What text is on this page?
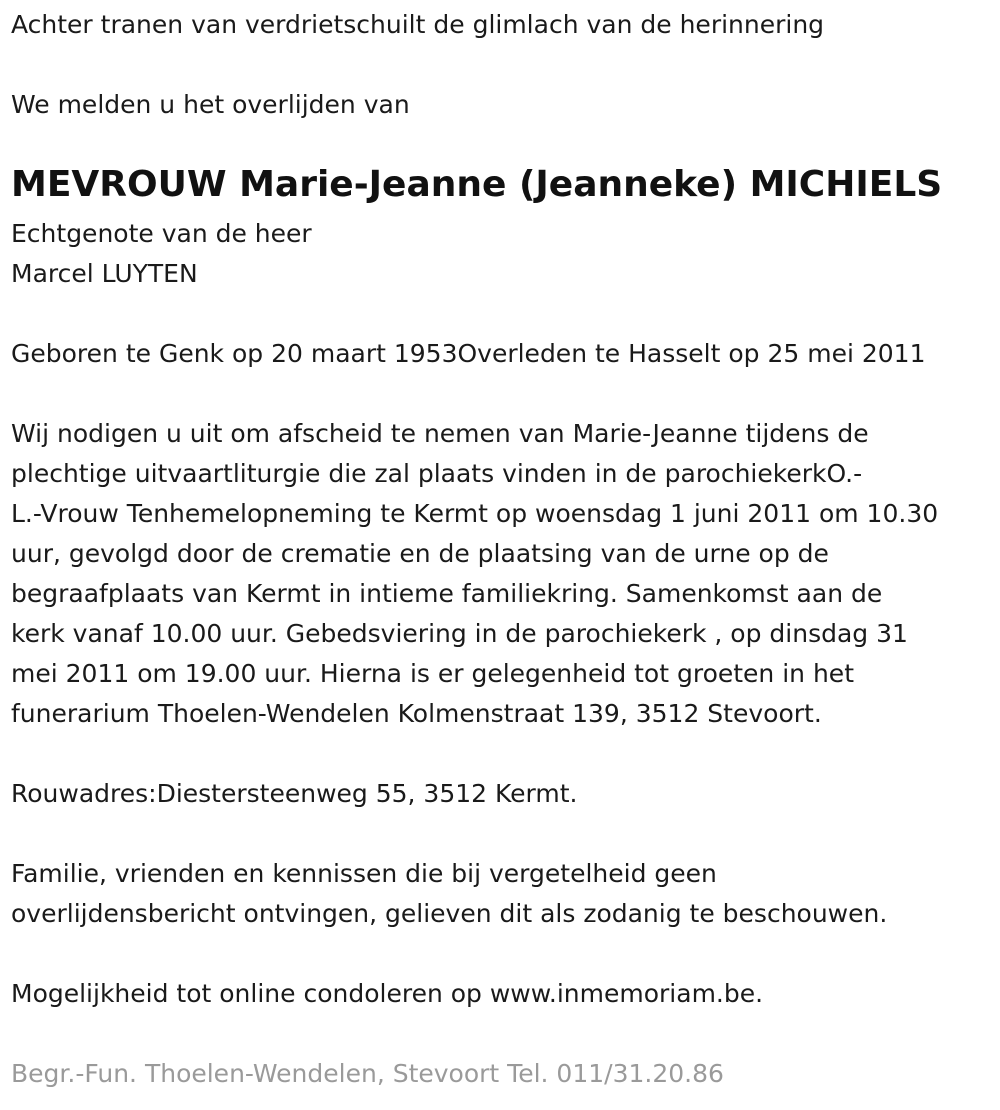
Achter tranen van verdrietschuilt de glimlach van de herinnering
We melden u het overlijden van
MEVROUW Marie-Jeanne (Jeanneke) MICHIELS
Echtgenote van de heer
Marcel LUYTEN
Geboren te Genk op 20 maart 1953Overleden te Hasselt op 25 mei 2011
Wij nodigen u uit om afscheid te nemen van Marie-Jeanne tijdens de
plechtige uitvaartliturgie die zal plaats vinden in de parochiekerkO.-
L.-Vrouw Tenhemelopneming te Kermt op woensdag 1 juni 2011 om 10.30
uur, gevolgd door de crematie en de plaatsing van de urne op de
begraafplaats van Kermt in intieme familiekring. Samenkomst aan de
kerk vanaf 10.00 uur. Gebedsviering in de parochiekerk , op dinsdag 31
mei 2011 om 19.00 uur. Hierna is er gelegenheid tot groeten in het
funerarium Thoelen-Wendelen Kolmenstraat 139, 3512 Stevoort.
Rouwadres:Diestersteenweg 55, 3512 Kermt.
Familie, vrienden en kennissen die bij vergetelheid geen
overlijdensbericht ontvingen, gelieven dit als zodanig te beschouwen.
Mogelijkheid tot online condoleren op www.inmemoriam.be.
Begr.-Fun. Thoelen-Wendelen, Stevoort Tel. 011/31.20.86
